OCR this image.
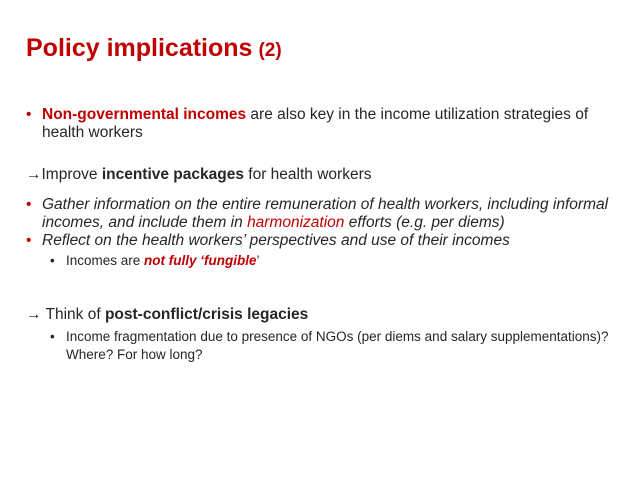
Policy implications (2)
• Non-governmental incomes are also key in the income utilization strategies of health workers
→Improve incentive packages for health workers
• Gather information on the entire remuneration of health workers, including informal incomes, and include them in harmonization efforts (e.g. per diems)
• Reflect on the health workers’ perspectives and use of their incomes
• Incomes are not fully ‘fungible’
→ Think of post-conflict/crisis legacies
• Income fragmentation due to presence of NGOs (per diems and salary supplementations)? Where? For how long?
